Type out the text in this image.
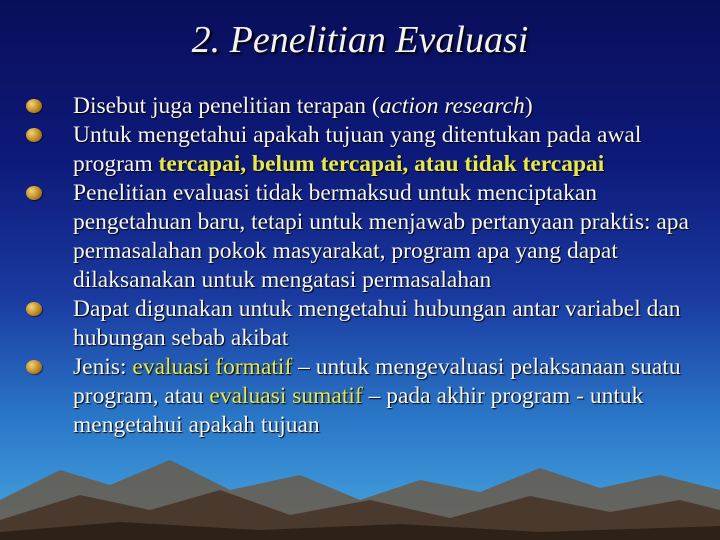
2. Penelitian Evaluasi
Disebut juga penelitian terapan (action research)
Untuk mengetahui apakah tujuan yang ditentukan pada awal program tercapai, belum tercapai, atau tidak tercapai
Penelitian evaluasi tidak bermaksud untuk menciptakan pengetahuan baru, tetapi untuk menjawab pertanyaan praktis: apa permasalahan pokok masyarakat, program apa yang dapat dilaksanakan untuk mengatasi permasalahan
Dapat digunakan untuk mengetahui hubungan antar variabel dan hubungan sebab akibat
Jenis: evaluasi formatif – untuk mengevaluasi pelaksanaan suatu program, atau evaluasi sumatif – pada akhir program - untuk mengetahui apakah tujuan
